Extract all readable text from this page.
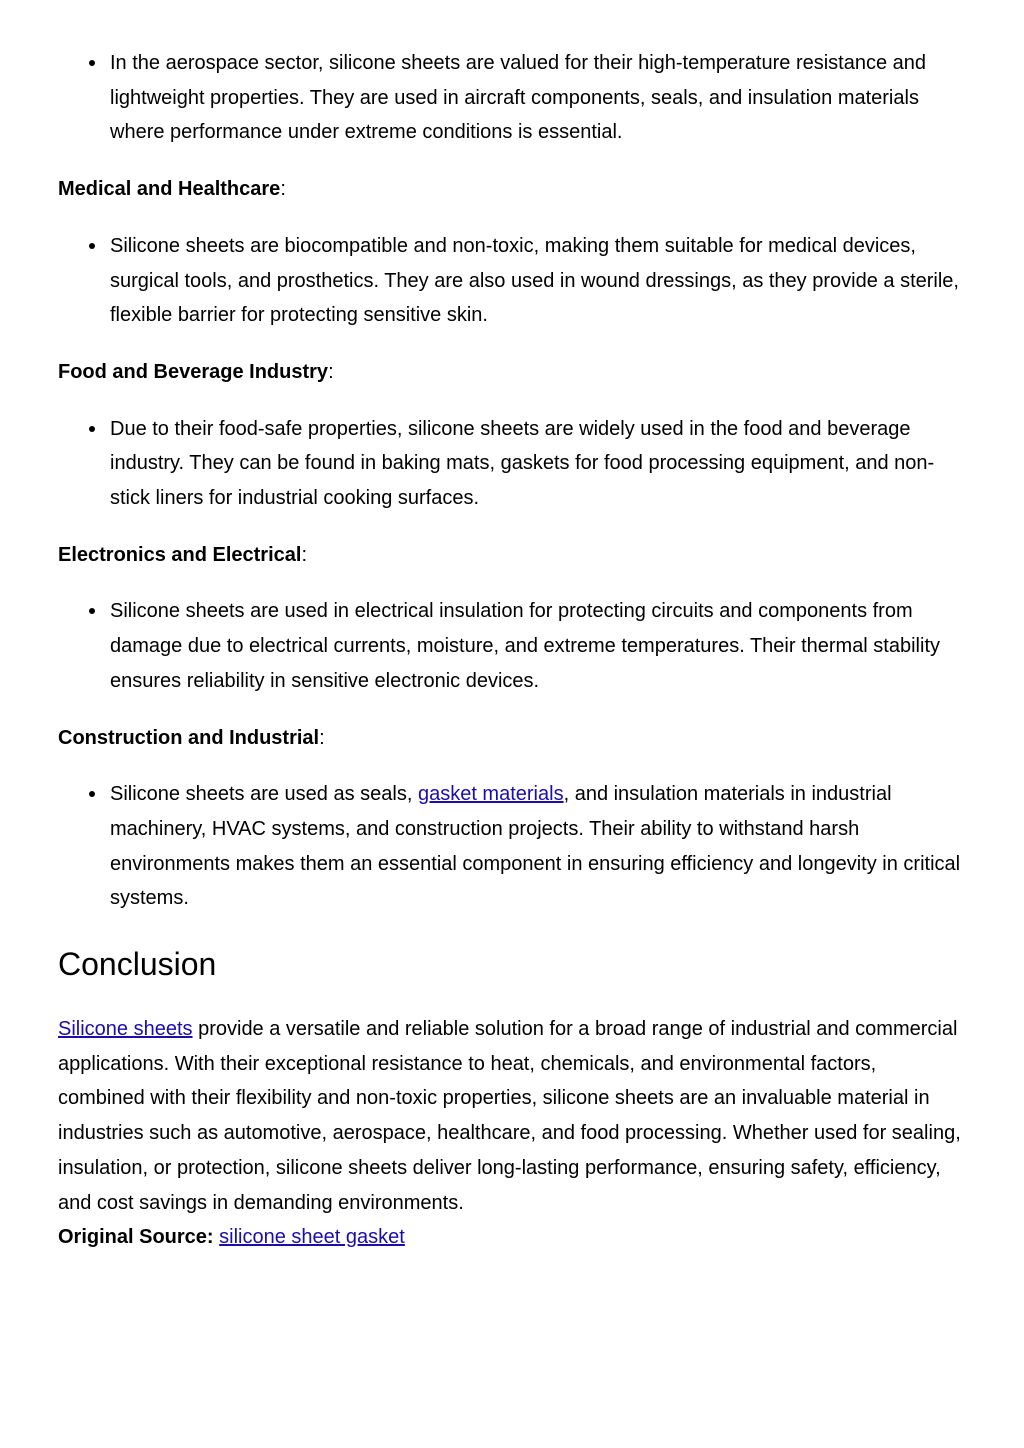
In the aerospace sector, silicone sheets are valued for their high-temperature resistance and lightweight properties. They are used in aircraft components, seals, and insulation materials where performance under extreme conditions is essential.
Medical and Healthcare:
Silicone sheets are biocompatible and non-toxic, making them suitable for medical devices, surgical tools, and prosthetics. They are also used in wound dressings, as they provide a sterile, flexible barrier for protecting sensitive skin.
Food and Beverage Industry:
Due to their food-safe properties, silicone sheets are widely used in the food and beverage industry. They can be found in baking mats, gaskets for food processing equipment, and non-stick liners for industrial cooking surfaces.
Electronics and Electrical:
Silicone sheets are used in electrical insulation for protecting circuits and components from damage due to electrical currents, moisture, and extreme temperatures. Their thermal stability ensures reliability in sensitive electronic devices.
Construction and Industrial:
Silicone sheets are used as seals, gasket materials, and insulation materials in industrial machinery, HVAC systems, and construction projects. Their ability to withstand harsh environments makes them an essential component in ensuring efficiency and longevity in critical systems.
Conclusion
Silicone sheets provide a versatile and reliable solution for a broad range of industrial and commercial applications. With their exceptional resistance to heat, chemicals, and environmental factors, combined with their flexibility and non-toxic properties, silicone sheets are an invaluable material in industries such as automotive, aerospace, healthcare, and food processing. Whether used for sealing, insulation, or protection, silicone sheets deliver long-lasting performance, ensuring safety, efficiency, and cost savings in demanding environments.
Original Source: silicone sheet gasket
